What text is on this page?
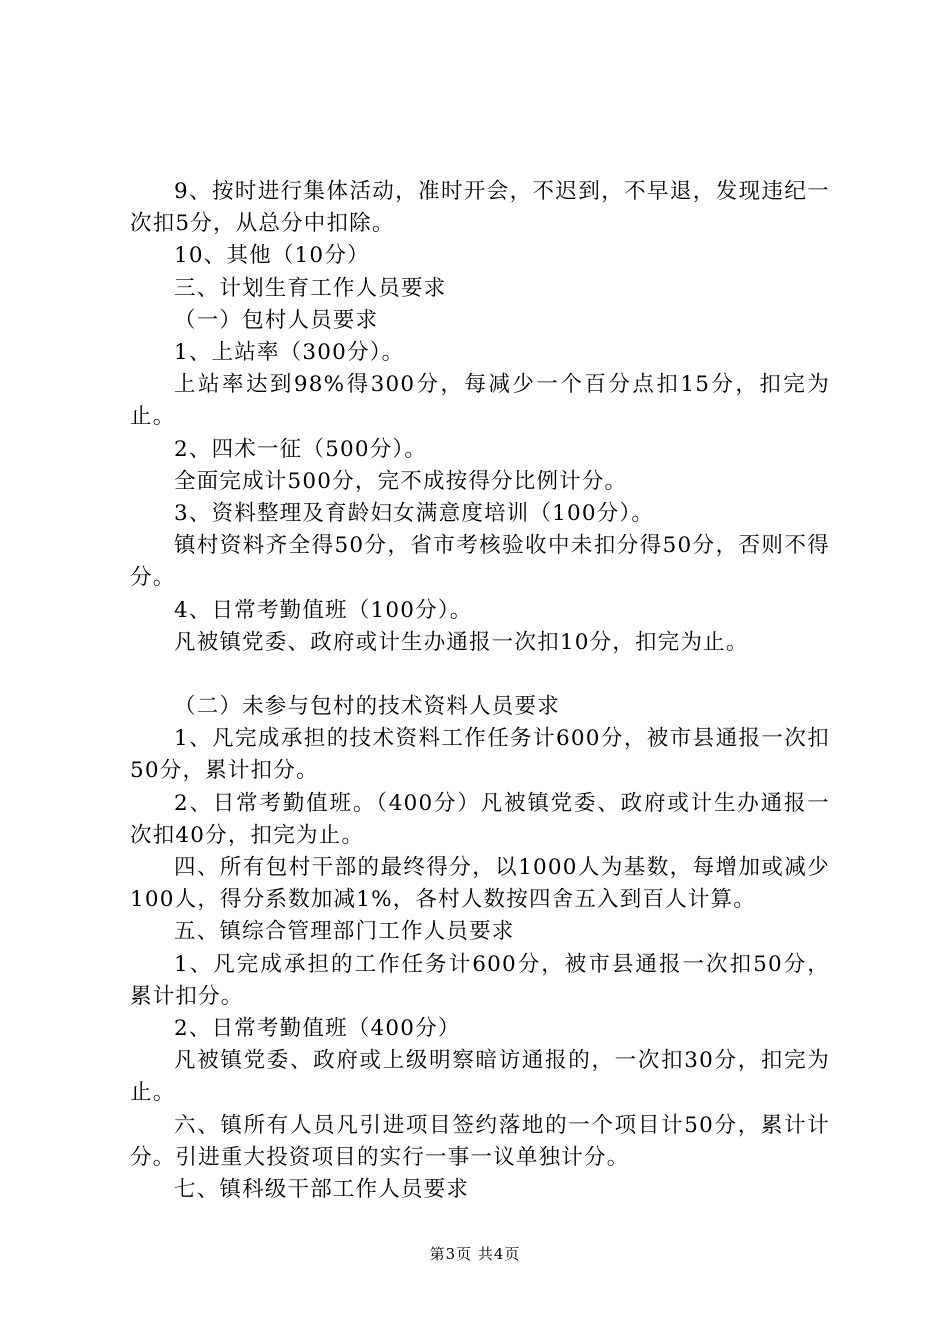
9、按时进行集体活动，准时开会，不迟到，不早退，发现违纪一次扣5分，从总分中扣除。

10、其他（10分）

三、计划生育工作人员要求

（一）包村人员要求

1、上站率（300分）。

上站率达到98%得300分，每减少一个百分点扣15分，扣完为止。

2、四术一征（500分）。

全面完成计500分，完不成按得分比例计分。

3、资料整理及育龄妇女满意度培训（100分）。

镇村资料齐全得50分，省市考核验收中未扣分得50分，否则不得分。

4、日常考勤值班（100分）。

凡被镇党委、政府或计生办通报一次扣10分，扣完为止。

（二）未参与包村的技术资料人员要求

1、凡完成承担的技术资料工作任务计600分，被市县通报一次扣50分，累计扣分。

2、日常考勤值班。（400分）凡被镇党委、政府或计生办通报一次扣40分，扣完为止。

四、所有包村干部的最终得分，以1000人为基数，每增加或减少100人，得分系数加减1%，各村人数按四舍五入到百人计算。

五、镇综合管理部门工作人员要求

1、凡完成承担的工作任务计600分，被市县通报一次扣50分，累计扣分。

2、日常考勤值班（400分）

凡被镇党委、政府或上级明察暗访通报的，一次扣30分，扣完为止。

六、镇所有人员凡引进项目签约落地的一个项目计50分，累计计分。引进重大投资项目的实行一事一议单独计分。

七、镇科级干部工作人员要求

第3页 共4页
